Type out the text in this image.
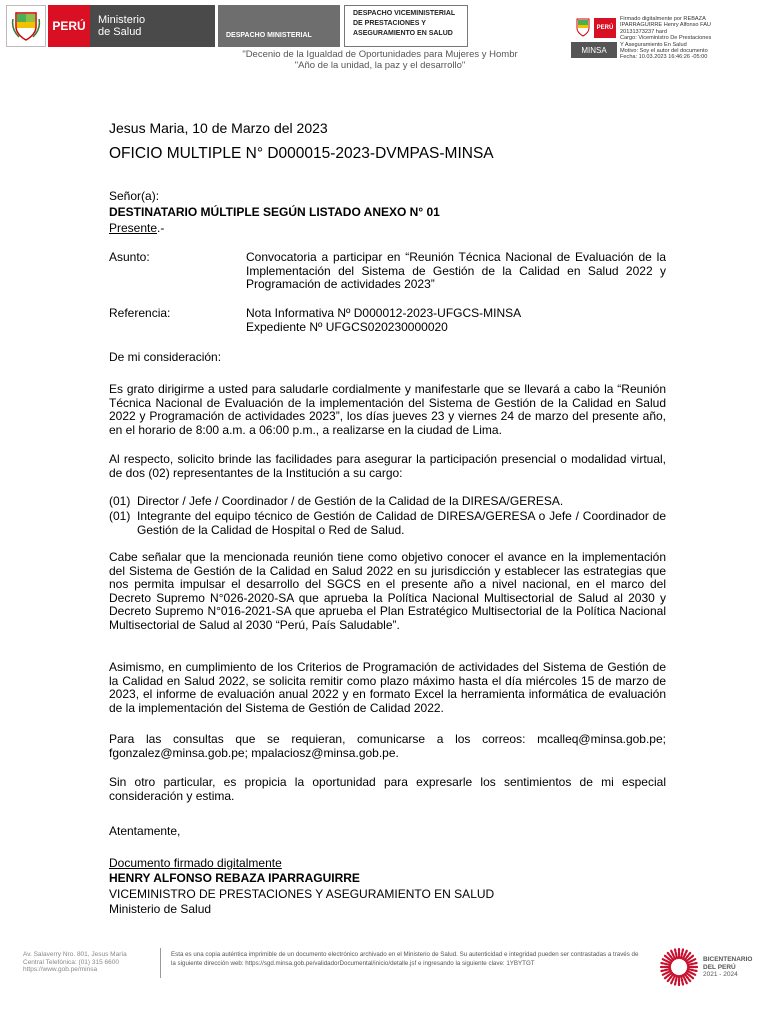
PERÚ	Ministerio
de Salud	DESPACHO MINISTERIAL
DESPACHO VICEMINISTERIAL
DE PRESTACIONES Y
ASEGURAMIENTO EN SALUD
"Decenio de la Igualdad de Oportunidades para Mujeres y Hombr
"Año de la unidad, la paz y el desarrollo"
PERÚ
MINSA
Firmado digitalmente por REBAZA
IPARRAGUIRRE Henry Alfonso FAU
20131373237 hard
Cargo: Viceministro De Prestaciones
Y Aseguramiento En Salud
Motivo: Soy el autor del documento
Fecha: 10.03.2023 16:46:26 -05:00
Jesus Maria, 10 de Marzo del 2023
OFICIO MULTIPLE N° D000015-2023-DVMPAS-MINSA
Señor(a):
DESTINATARIO MÚLTIPLE SEGÚN LISTADO ANEXO N° 01
Presente.-
Asunto:	Convocatoria a participar en “Reunión Técnica Nacional de Evaluación de la Implementación del Sistema de Gestión de la Calidad en Salud 2022 y Programación de actividades 2023”
Referencia:	Nota Informativa Nº D000012-2023-UFGCS-MINSA
Expediente Nº UFGCS020230000020
De mi consideración:
Es grato dirigirme a usted para saludarle cordialmente y manifestarle que se llevará a cabo la “Reunión Técnica Nacional de Evaluación de la implementación del Sistema de Gestión de la Calidad en Salud 2022 y Programación de actividades 2023”, los días jueves 23 y viernes 24 de marzo del presente año, en el horario de 8:00 a.m. a 06:00 p.m., a realizarse en la ciudad de Lima.
Al respecto, solicito brinde las facilidades para asegurar la participación presencial o modalidad virtual, de dos (02) representantes de la Institución a su cargo:
(01) Director / Jefe / Coordinador / de Gestión de la Calidad de la DIRESA/GERESA.
(01) Integrante del equipo técnico de Gestión de Calidad de DIRESA/GERESA o Jefe / Coordinador de Gestión de la Calidad de Hospital o Red de Salud.
Cabe señalar que la mencionada reunión tiene como objetivo conocer el avance en la implementación del Sistema de Gestión de la Calidad en Salud 2022 en su jurisdicción y establecer las estrategias que nos permita impulsar el desarrollo del SGCS en el presente año a nivel nacional, en el marco del Decreto Supremo N°026-2020-SA que aprueba la Política Nacional Multisectorial de Salud al 2030 y Decreto Supremo N°016-2021-SA que aprueba el Plan Estratégico Multisectorial de la Política Nacional Multisectorial de Salud al 2030 “Perú, País Saludable”.
Asimismo, en cumplimiento de los Criterios de Programación de actividades del Sistema de Gestión de la Calidad en Salud 2022, se solicita remitir como plazo máximo hasta el día miércoles 15 de marzo de 2023, el informe de evaluación anual 2022 y en formato Excel la herramienta informática de evaluación de la implementación del Sistema de Gestión de Calidad 2022.
Para las consultas que se requieran, comunicarse a los correos: mcalleq@minsa.gob.pe; fgonzalez@minsa.gob.pe; mpalaciosz@minsa.gob.pe.
Sin otro particular, es propicia la oportunidad para expresarle los sentimientos de mi especial consideración y estima.
Atentamente,
Documento firmado digitalmente
HENRY ALFONSO REBAZA IPARRAGUIRRE
VICEMINISTRO DE PRESTACIONES Y ASEGURAMIENTO EN SALUD
Ministerio de Salud
Av. Salaverry Nro. 801, Jesus María
Central Telefónica: (01) 315 6600
https://www.gob.pe/minsa
Esta es una copia auténtica imprimible de un documento electrónico archivado en el Ministerio de Salud. Su autenticidad e integridad pueden ser contrastadas a través de la siguiente dirección web: https://sgd.minsa.gob.pe/validadorDocumental/inicio/detalle.jsf e ingresando la siguiente clave: 1YBYTGT
BICENTENARIO
DEL PERÚ
2021 - 2024
